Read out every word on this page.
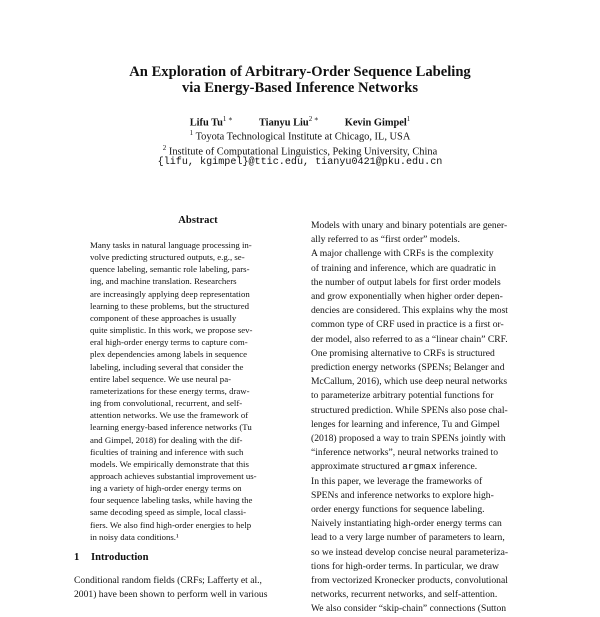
An Exploration of Arbitrary-Order Sequence Labeling
via Energy-Based Inference Networks
Lifu $Tu^{1 ∗}$	Tianyu Liu$^{2 ∗}$	Kevin Gimpel$^1$
$^1$ Toyota Technological Institute at Chicago, IL, USA
$^2$ Institute of Computational Linguistics, Peking University, China
{lifu, kgimpel}@ttic.edu, tianyu0421@pku.edu.cn
Abstract
Many tasks in natural language processing in-
volve predicting structured outputs, e.g., se-
quence labeling, semantic role labeling, pars-
ing, and machine translation. Researchers
are increasingly applying deep representation
learning to these problems, but the structured
component of these approaches is usually
quite simplistic. In this work, we propose sev-
eral high-order energy terms to capture com-
plex dependencies among labels in sequence
labeling, including several that consider the
entire label sequence. We use neural pa-
rameterizations for these energy terms, draw-
ing from convolutional, recurrent, and self-
attention networks. We use the framework of
learning energy-based inference networks (Tu
and Gimpel, 2018) for dealing with the dif-
ficulties of training and inference with such
models. We empirically demonstrate that this
approach achieves substantial improvement us-
ing a variety of high-order energy terms on
four sequence labeling tasks, while having the
same decoding speed as simple, local classi-
fiers. We also find high-order energies to help
in noisy data conditions.¹
1 Introduction
Conditional random fields (CRFs; Lafferty et al.,
2001) have been shown to perform well in various
Models with unary and binary potentials are gener-
ally referred to as “first order” models.
A major challenge with CRFs is the complexity
of training and inference, which are quadratic in
the number of output labels for first order models
and grow exponentially when higher order depen-
dencies are considered. This explains why the most
common type of CRF used in practice is a first or-
der model, also referred to as a “linear chain” CRF.
One promising alternative to CRFs is structured
prediction energy networks (SPENs; Belanger and
McCallum, 2016), which use deep neural networks
to parameterize arbitrary potential functions for
structured prediction. While SPENs also pose chal-
lenges for learning and inference, Tu and Gimpel
(2018) proposed a way to train SPENs jointly with
“inference networks”, neural networks trained to
approximate structured argmax inference.
In this paper, we leverage the frameworks of
SPENs and inference networks to explore high-
order energy functions for sequence labeling.
Naively instantiating high-order energy terms can
lead to a very large number of parameters to learn,
so we instead develop concise neural parameteriza-
tions for high-order terms. In particular, we draw
from vectorized Kronecker products, convolutional
networks, recurrent networks, and self-attention.
We also consider “skip-chain” connections (Sutton
